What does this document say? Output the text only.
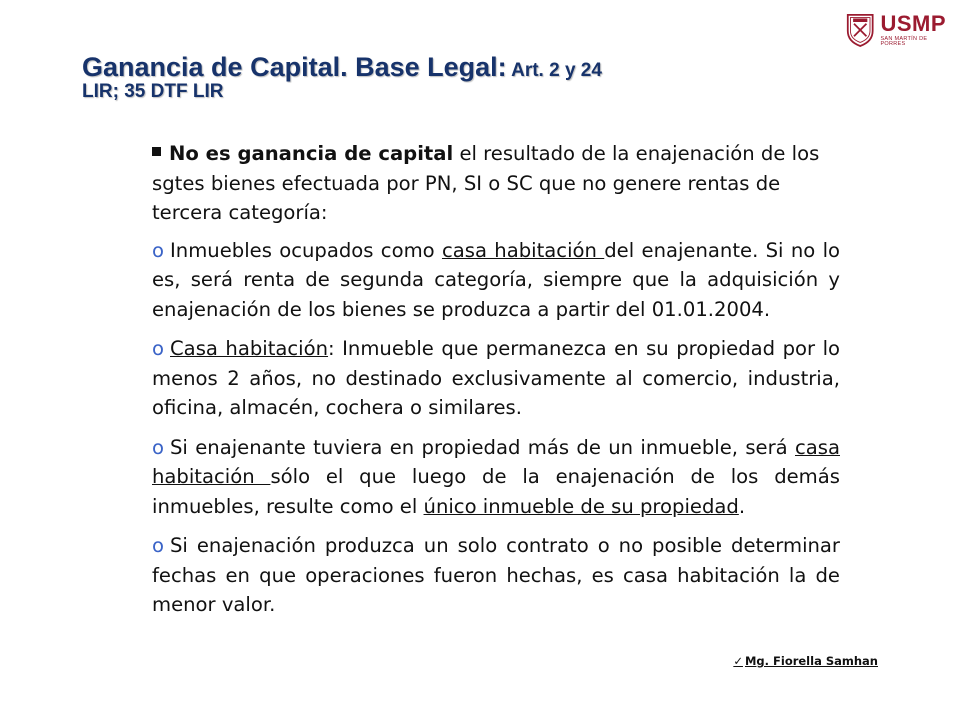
USMP
SAN MARTÍN DE PORRES
Ganancia de Capital. Base Legal: Art. 2 y 24
LIR; 35 DTF LIR

No es ganancia de capital el resultado de la enajenación de los sgtes bienes efectuada por PN, SI o SC que no genere rentas de tercera categoría:

o Inmuebles ocupados como casa habitación del enajenante. Si no lo es, será renta de segunda categoría, siempre que la adquisición y enajenación de los bienes se produzca a partir del 01.01.2004.

o Casa habitación: Inmueble que permanezca en su propiedad por lo menos 2 años, no destinado exclusivamente al comercio, industria, oficina, almacén, cochera o similares.

o Si enajenante tuviera en propiedad más de un inmueble, será casa habitación sólo el que luego de la enajenación de los demás inmuebles, resulte como el único inmueble de su propiedad.

o Si enajenación produzca un solo contrato o no posible determinar fechas en que operaciones fueron hechas, es casa habitación la de menor valor.

✓ Mg. Fiorella Samhan
